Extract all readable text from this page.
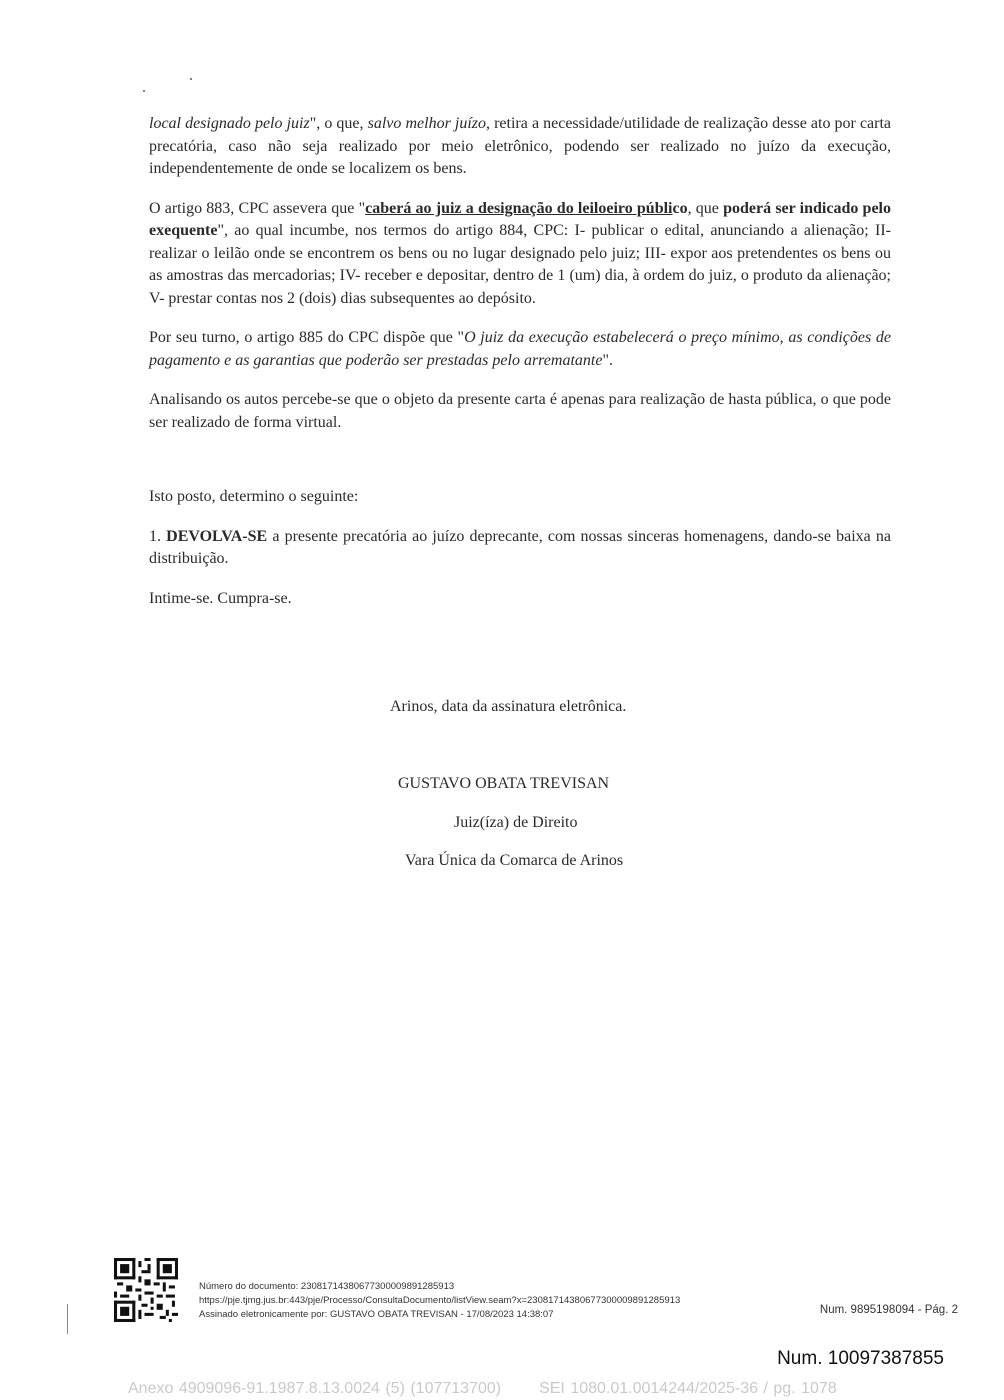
local designado pelo juiz", o que, salvo melhor juízo, retira a necessidade/utilidade de realização desse ato por carta precatória, caso não seja realizado por meio eletrônico, podendo ser realizado no juízo da execução, independentemente de onde se localizem os bens.

O artigo 883, CPC assevera que "caberá ao juiz a designação do leiloeiro público, que poderá ser indicado pelo exequente", ao qual incumbe, nos termos do artigo 884, CPC: I- publicar o edital, anunciando a alienação; II- realizar o leilão onde se encontrem os bens ou no lugar designado pelo juiz; III- expor aos pretendentes os bens ou as amostras das mercadorias; IV- receber e depositar, dentro de 1 (um) dia, à ordem do juiz, o produto da alienação; V- prestar contas nos 2 (dois) dias subsequentes ao depósito.

Por seu turno, o artigo 885 do CPC dispõe que "O juiz da execução estabelecerá o preço mínimo, as condições de pagamento e as garantias que poderão ser prestadas pelo arrematante".

Analisando os autos percebe-se que o objeto da presente carta é apenas para realização de hasta pública, o que pode ser realizado de forma virtual.

Isto posto, determino o seguinte:

1. DEVOLVA-SE a presente precatória ao juízo deprecante, com nossas sinceras homenagens, dando-se baixa na distribuição.

Intime-se. Cumpra-se.

Arinos, data da assinatura eletrônica.
GUSTAVO OBATA TREVISAN
Juiz(íza) de Direito
Vara Única da Comarca de Arinos
Número do documento: 23081714380677300009891285913
https://pje.tjmg.jus.br:443/pje/Processo/ConsultaDocumento/listView.seam?x=23081714380677300009891285913
Assinado eletronicamente por: GUSTAVO OBATA TREVISAN - 17/08/2023 14:38:07	Num. 9895198094 - Pág. 2
Num. 10097387855
Anexo 4909096-91.1987.8.13.0024 (5) (107713700) SEI 1080.01.0014244/2025-36 / pg. 1078
